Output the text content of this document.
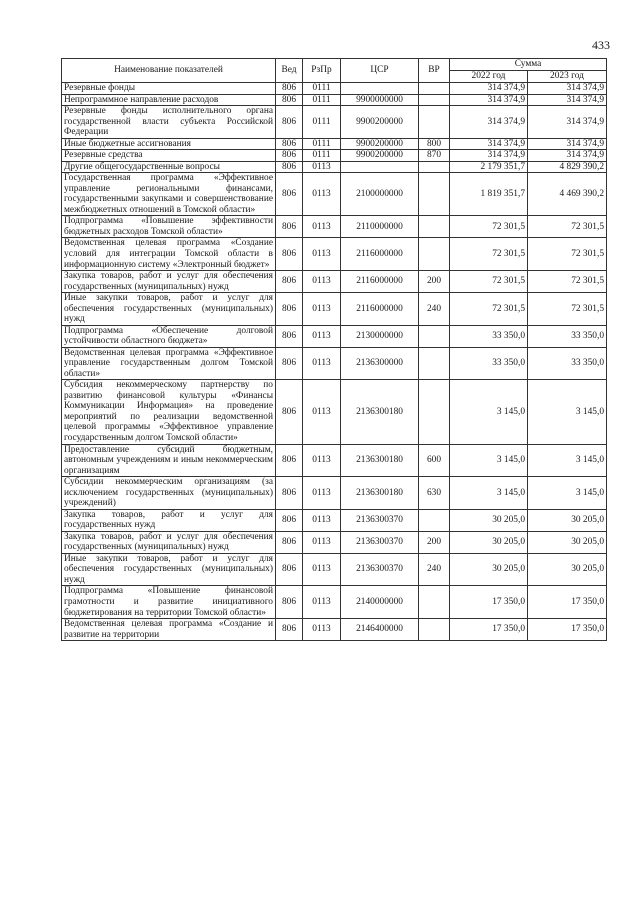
433
Наименование показателей	Вед	РзПр	ЦСР	ВР	Сумма	
					2022 год	2023 год
Резервные фонды	806	0111			314 374,9	314 374,9
Непрограммное направление расходов	806	0111	9900000000		314 374,9	314 374,9
Резервные фонды исполнительного органа государственной власти субъекта Российской Федерации	806	0111	9900200000		314 374,9	314 374,9
Иные бюджетные ассигнования	806	0111	9900200000	800	314 374,9	314 374,9
Резервные средства	806	0111	9900200000	870	314 374,9	314 374,9
Другие общегосударственные вопросы	806	0113			2 179 351,7	4 829 390,2
Государственная программа «Эффективное управление региональными финансами, государственными закупками и совершенствование межбюджетных отношений в Томской области»	806	0113	2100000000		1 819 351,7	4 469 390,2
Подпрограмма «Повышение эффективности бюджетных расходов Томской области»	806	0113	2110000000		72 301,5	72 301,5
Ведомственная целевая программа «Создание условий для интеграции Томской области в информационную систему «Электронный бюджет»	806	0113	2116000000		72 301,5	72 301,5
Закупка товаров, работ и услуг для обеспечения государственных (муниципальных) нужд	806	0113	2116000000	200	72 301,5	72 301,5
Иные закупки товаров, работ и услуг для обеспечения государственных (муниципальных) нужд	806	0113	2116000000	240	72 301,5	72 301,5
Подпрограмма «Обеспечение долговой устойчивости областного бюджета»	806	0113	2130000000		33 350,0	33 350,0
Ведомственная целевая программа «Эффективное управление государственным долгом Томской области»	806	0113	2136300000		33 350,0	33 350,0
Субсидия некоммерческому партнерству по развитию финансовой культуры «Финансы Коммуникации Информация» на проведение мероприятий по реализации ведомственной целевой программы «Эффективное управление государственным долгом Томской области»	806	0113	2136300180		3 145,0	3 145,0
Предоставление субсидий бюджетным, автономным учреждениям и иным некоммерческим организациям	806	0113	2136300180	600	3 145,0	3 145,0
Субсидии некоммерческим организациям (за исключением государственных (муниципальных) учреждений)	806	0113	2136300180	630	3 145,0	3 145,0
Закупка товаров, работ и услуг для государственных нужд	806	0113	2136300370		30 205,0	30 205,0
Закупка товаров, работ и услуг для обеспечения государственных (муниципальных) нужд	806	0113	2136300370	200	30 205,0	30 205,0
Иные закупки товаров, работ и услуг для обеспечения государственных (муниципальных) нужд	806	0113	2136300370	240	30 205,0	30 205,0
Подпрограмма «Повышение финансовой грамотности и развитие инициативного бюджетирования на территории Томской области»	806	0113	2140000000		17 350,0	17 350,0
Ведомственная целевая программа «Создание и развитие на территории	806	0113	2146400000		17 350,0	17 350,0
